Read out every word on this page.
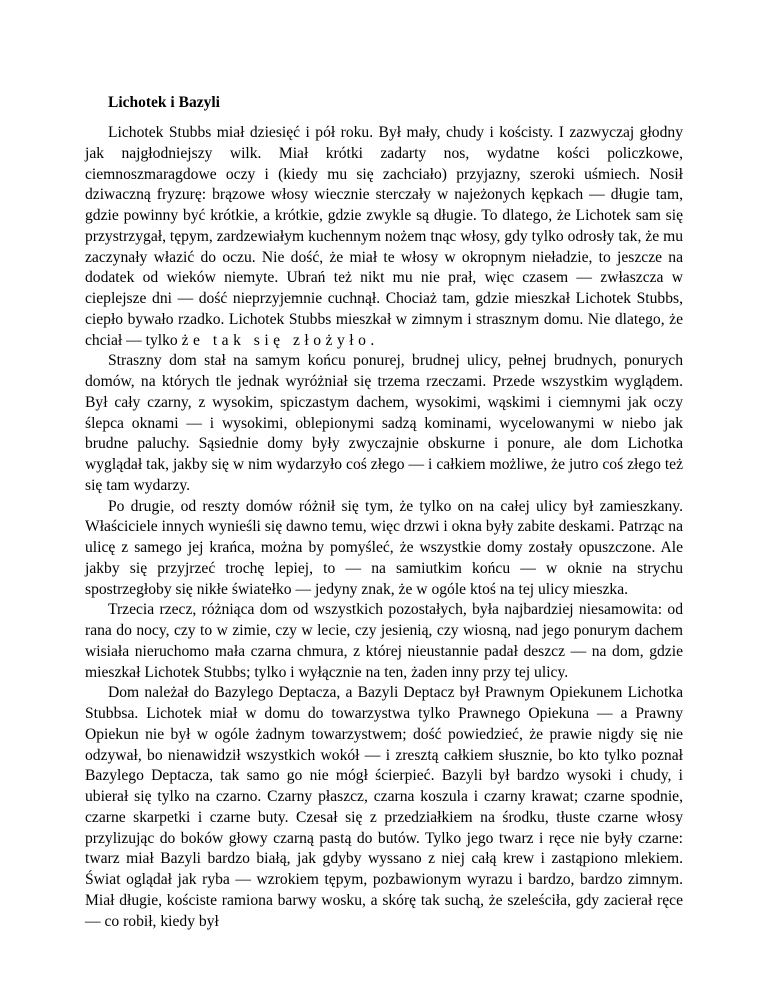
Lichotek i Bazyli

Lichotek Stubbs miał dziesięć i pół roku. Był mały, chudy i kościsty. I zazwyczaj głodny jak najgłodniejszy wilk. Miał krótki zadarty nos, wydatne kości policzkowe, ciemnoszmaragdowe oczy i (kiedy mu się zachciało) przyjazny, szeroki uśmiech. Nosił dziwaczną fryzurę: brązowe włosy wiecznie sterczały w najeżonych kępkach — długie tam, gdzie powinny być krótkie, a krótkie, gdzie zwykle są długie. To dlatego, że Lichotek sam się przystrzygał, tępym, zardzewiałym kuchennym nożem tnąc włosy, gdy tylko odrosły tak, że mu zaczynały włazić do oczu. Nie dość, że miał te włosy w okropnym nieładzie, to jeszcze na dodatek od wieków niemyte. Ubrań też nikt mu nie prał, więc czasem — zwłaszcza w cieplejsze dni — dość nieprzyjemnie cuchnął. Chociaż tam, gdzie mieszkał Lichotek Stubbs, ciepło bywało rzadko. Lichotek Stubbs mieszkał w zimnym i strasznym domu. Nie dlatego, że chciał — tylko że tak się złożyło.

Straszny dom stał na samym końcu ponurej, brudnej ulicy, pełnej brudnych, ponurych domów, na których tle jednak wyróżniał się trzema rzeczami. Przede wszystkim wyglądem. Był cały czarny, z wysokim, spiczastym dachem, wysokimi, wąskimi i ciemnymi jak oczy ślepca oknami — i wysokimi, oblepionymi sadzą kominami, wycelowanymi w niebo jak brudne paluchy. Sąsiednie domy były zwyczajnie obskurne i ponure, ale dom Lichotka wyglądał tak, jakby się w nim wydarzyło coś złego — i całkiem możliwe, że jutro coś złego też się tam wydarzy.

Po drugie, od reszty domów różnił się tym, że tylko on na całej ulicy był zamieszkany. Właściciele innych wynieśli się dawno temu, więc drzwi i okna były zabite deskami. Patrząc na ulicę z samego jej krańca, można by pomyśleć, że wszystkie domy zostały opuszczone. Ale jakby się przyjrzeć trochę lepiej, to — na samiutkim końcu — w oknie na strychu spostrzegłoby się nikłe światełko — jedyny znak, że w ogóle ktoś na tej ulicy mieszka.

Trzecia rzecz, różniąca dom od wszystkich pozostałych, była najbardziej niesamowita: od rana do nocy, czy to w zimie, czy w lecie, czy jesienią, czy wiosną, nad jego ponurym dachem wisiała nieruchomo mała czarna chmura, z której nieustannie padał deszcz — na dom, gdzie mieszkał Lichotek Stubbs; tylko i wyłącznie na ten, żaden inny przy tej ulicy.

Dom należał do Bazylego Deptacza, a Bazyli Deptacz był Prawnym Opiekunem Lichotka Stubbsa. Lichotek miał w domu do towarzystwa tylko Prawnego Opiekuna — a Prawny Opiekun nie był w ogóle żadnym towarzystwem; dość powiedzieć, że prawie nigdy się nie odzywał, bo nienawidził wszystkich wokół — i zresztą całkiem słusznie, bo kto tylko poznał Bazylego Deptacza, tak samo go nie mógł ścierpieć. Bazyli był bardzo wysoki i chudy, i ubierał się tylko na czarno. Czarny płaszcz, czarna koszula i czarny krawat; czarne spodnie, czarne skarpetki i czarne buty. Czesał się z przedziałkiem na środku, tłuste czarne włosy przylizując do boków głowy czarną pastą do butów. Tylko jego twarz i ręce nie były czarne: twarz miał Bazyli bardzo białą, jak gdyby wyssano z niej całą krew i zastąpiono mlekiem. Świat oglądał jak ryba — wzrokiem tępym, pozbawionym wyrazu i bardzo, bardzo zimnym. Miał długie, kościste ramiona barwy wosku, a skórę tak suchą, że szeleściła, gdy zacierał ręce — co robił, kiedy był
